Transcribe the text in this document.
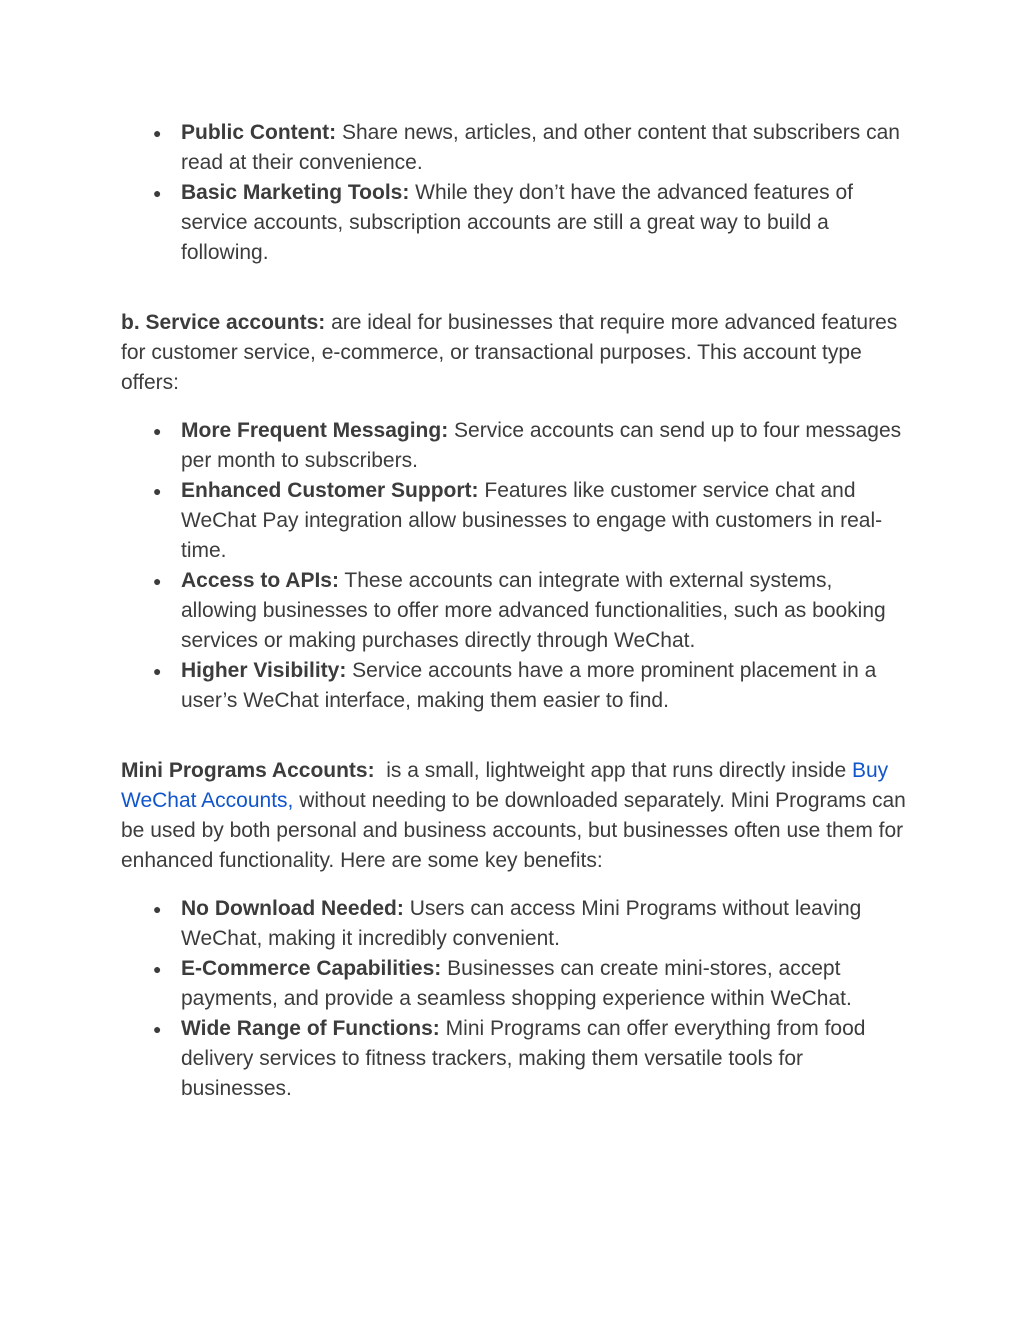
● Public Content: Share news, articles, and other content that subscribers can read at their convenience.
● Basic Marketing Tools: While they don’t have the advanced features of service accounts, subscription accounts are still a great way to build a following.

b. Service accounts: are ideal for businesses that require more advanced features for customer service, e-commerce, or transactional purposes. This account type offers:

● More Frequent Messaging: Service accounts can send up to four messages per month to subscribers.
● Enhanced Customer Support: Features like customer service chat and WeChat Pay integration allow businesses to engage with customers in real-time.
● Access to APIs: These accounts can integrate with external systems, allowing businesses to offer more advanced functionalities, such as booking services or making purchases directly through WeChat.
● Higher Visibility: Service accounts have a more prominent placement in a user’s WeChat interface, making them easier to find.

Mini Programs Accounts: is a small, lightweight app that runs directly inside Buy WeChat Accounts, without needing to be downloaded separately. Mini Programs can be used by both personal and business accounts, but businesses often use them for enhanced functionality. Here are some key benefits:

● No Download Needed: Users can access Mini Programs without leaving WeChat, making it incredibly convenient.
● E-Commerce Capabilities: Businesses can create mini-stores, accept payments, and provide a seamless shopping experience within WeChat.
● Wide Range of Functions: Mini Programs can offer everything from food delivery services to fitness trackers, making them versatile tools for businesses.
